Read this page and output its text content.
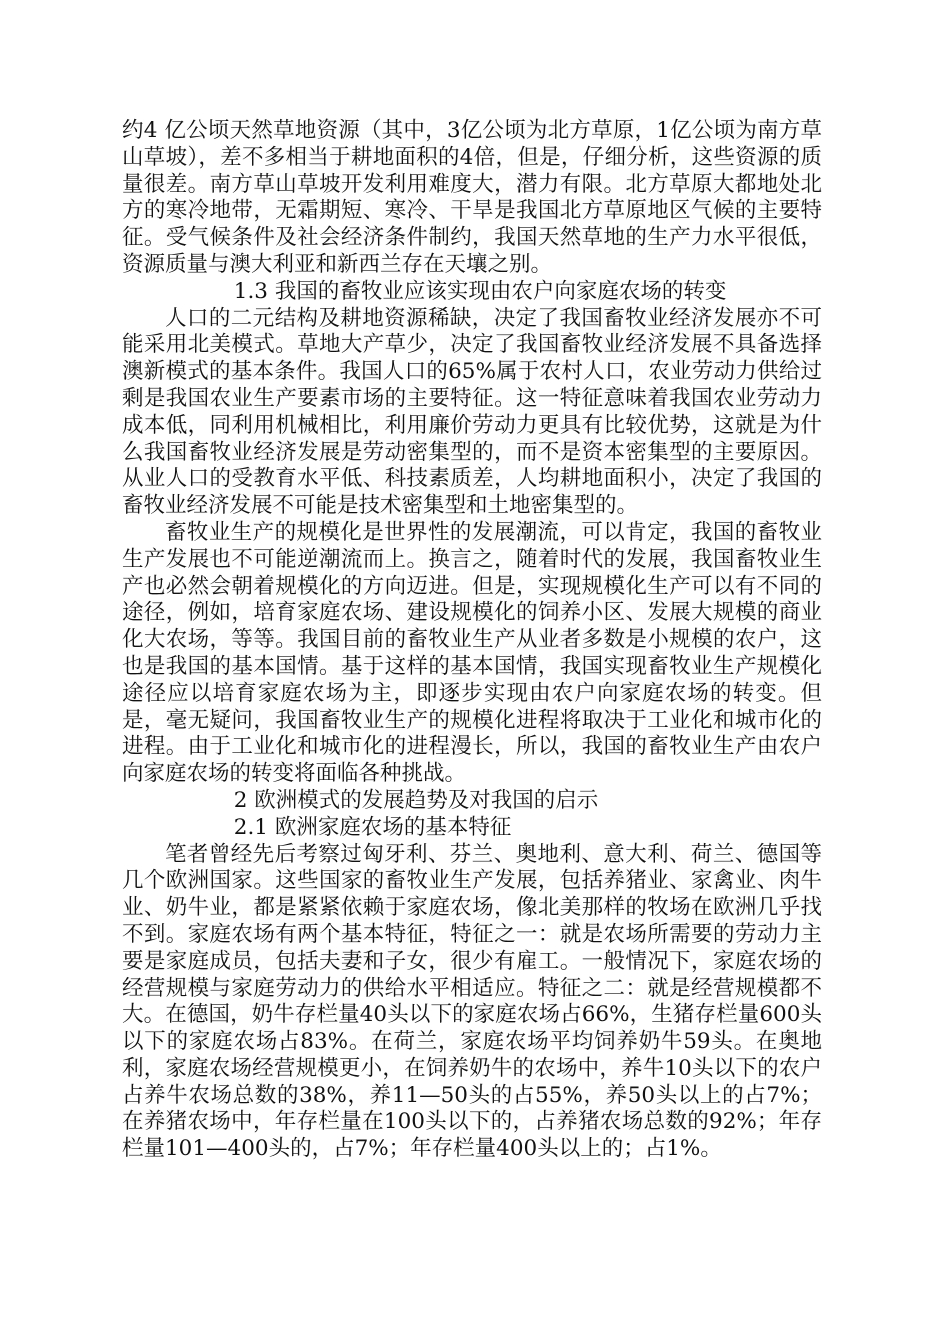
约4 亿公顷天然草地资源（其中，3亿公顷为北方草原，1亿公顷为南方草山草坡），差不多相当于耕地面积的4倍，但是，仔细分析，这些资源的质量很差。南方草山草坡开发利用难度大，潜力有限。北方草原大都地处北方的寒冷地带，无霜期短、寒冷、干旱是我国北方草原地区气候的主要特征。受气候条件及社会经济条件制约，我国天然草地的生产力水平很低，资源质量与澳大利亚和新西兰存在天壤之别。

1.3 我国的畜牧业应该实现由农户向家庭农场的转变

人口的二元结构及耕地资源稀缺，决定了我国畜牧业经济发展亦不可能采用北美模式。草地大产草少，决定了我国畜牧业经济发展不具备选择澳新模式的基本条件。我国人口的65%属于农村人口，农业劳动力供给过剩是我国农业生产要素市场的主要特征。这一特征意味着我国农业劳动力成本低，同利用机械相比，利用廉价劳动力更具有比较优势，这就是为什么我国畜牧业经济发展是劳动密集型的，而不是资本密集型的主要原因。从业人口的受教育水平低、科技素质差，人均耕地面积小，决定了我国的畜牧业经济发展不可能是技术密集型和土地密集型的。

畜牧业生产的规模化是世界性的发展潮流，可以肯定，我国的畜牧业生产发展也不可能逆潮流而上。换言之，随着时代的发展，我国畜牧业生产也必然会朝着规模化的方向迈进。但是，实现规模化生产可以有不同的途径，例如，培育家庭农场、建设规模化的饲养小区、发展大规模的商业化大农场，等等。我国目前的畜牧业生产从业者多数是小规模的农户，这也是我国的基本国情。基于这样的基本国情，我国实现畜牧业生产规模化途径应以培育家庭农场为主，即逐步实现由农户向家庭农场的转变。但是，毫无疑问，我国畜牧业生产的规模化进程将取决于工业化和城市化的进程。由于工业化和城市化的进程漫长，所以，我国的畜牧业生产由农户向家庭农场的转变将面临各种挑战。

2 欧洲模式的发展趋势及对我国的启示

2.1 欧洲家庭农场的基本特征

笔者曾经先后考察过匈牙利、芬兰、奥地利、意大利、荷兰、德国等几个欧洲国家。这些国家的畜牧业生产发展，包括养猪业、家禽业、肉牛业、奶牛业，都是紧紧依赖于家庭农场，像北美那样的牧场在欧洲几乎找不到。家庭农场有两个基本特征，特征之一：就是农场所需要的劳动力主要是家庭成员，包括夫妻和子女，很少有雇工。一般情况下，家庭农场的经营规模与家庭劳动力的供给水平相适应。特征之二：就是经营规模都不大。在德国，奶牛存栏量40头以下的家庭农场占66%，生猪存栏量600头以下的家庭农场占83%。在荷兰，家庭农场平均饲养奶牛59头。在奥地利，家庭农场经营规模更小，在饲养奶牛的农场中，养牛10头以下的农户占养牛农场总数的38%，养11—50头的占55%，养50头以上的占7%；在养猪农场中，年存栏量在100头以下的，占养猪农场总数的92%；年存栏量101—400头的，占7%；年存栏量400头以上的；占1%。
